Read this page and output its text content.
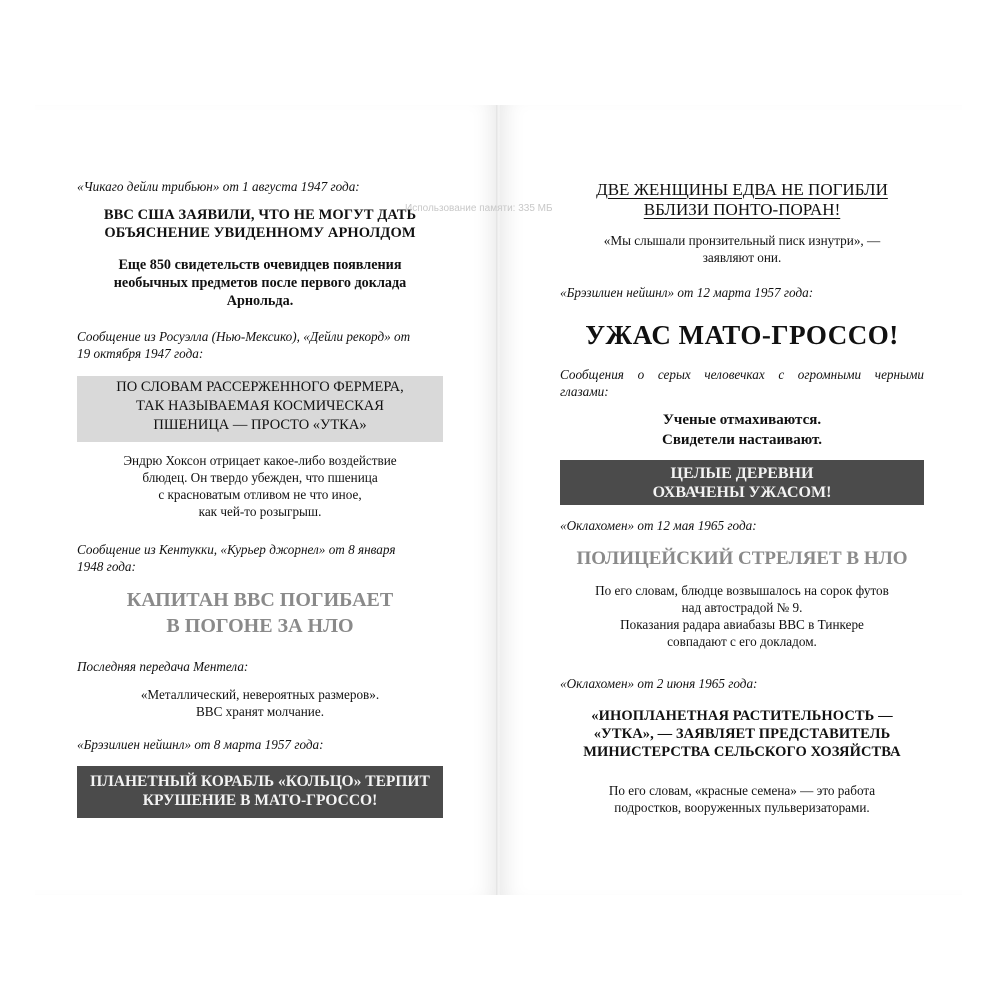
«Чикаго дейли трибьюн» от 1 августа 1947 года:
ВВС США ЗАЯВИЛИ, ЧТО НЕ МОГУТ ДАТЬ
ОБЪЯСНЕНИЕ УВИДЕННОМУ АРНОЛДОМ
Еще 850 свидетельств очевидцев появления
необычных предметов после первого доклада
Арнольда.
Сообщение из Росуэлла (Нью-Мексико), «Дейли рекорд» от
19 октября 1947 года:
ПО СЛОВАМ РАССЕРЖЕННОГО ФЕРМЕРА,
ТАК НАЗЫВАЕМАЯ КОСМИЧЕСКАЯ
ПШЕНИЦА — ПРОСТО «УТКА»
Эндрю Хоксон отрицает какое-либо воздействие
блюдец. Он твердо убежден, что пшеница
с красноватым отливом не что иное,
как чей-то розыгрыш.
Сообщение из Кентукки, «Курьер джорнел» от 8 января
1948 года:
КАПИТАН ВВС ПОГИБАЕТ
В ПОГОНЕ ЗА НЛО
Последняя передача Ментела:
«Металлический, невероятных размеров».
ВВС хранят молчание.
«Брэзилиен нейшнл» от 8 марта 1957 года:
ПЛАНЕТНЫЙ КОРАБЛЬ «КОЛЬЦО» ТЕРПИТ
КРУШЕНИЕ В МАТО-ГРОССО!
Использование памяти: 335 МБ
ДВЕ ЖЕНЩИНЫ ЕДВА НЕ ПОГИБЛИ
ВБЛИЗИ ПОНТО-ПОРАН!
«Мы слышали пронзительный писк изнутри», —
заявляют они.
«Брэзилиен нейшнл» от 12 марта 1957 года:
УЖАС МАТО-ГРОССО!
Сообщения о серых человечках с огромными черными
глазами:
Ученые отмахиваются.
Свидетели настаивают.
ЦЕЛЫЕ ДЕРЕВНИ
ОХВАЧЕНЫ УЖАСОМ!
«Оклахомен» от 12 мая 1965 года:
ПОЛИЦЕЙСКИЙ СТРЕЛЯЕТ В НЛО
По его словам, блюдце возвышалось на сорок футов
над автострадой № 9.
Показания радара авиабазы ВВС в Тинкере
совпадают с его докладом.
«Оклахомен» от 2 июня 1965 года:
«ИНОПЛАНЕТНАЯ РАСТИТЕЛЬНОСТЬ —
«УТКА», — ЗАЯВЛЯЕТ ПРЕДСТАВИТЕЛЬ
МИНИСТЕРСТВА СЕЛЬСКОГО ХОЗЯЙСТВА
По его словам, «красные семена» — это работа
подростков, вооруженных пульверизаторами.
